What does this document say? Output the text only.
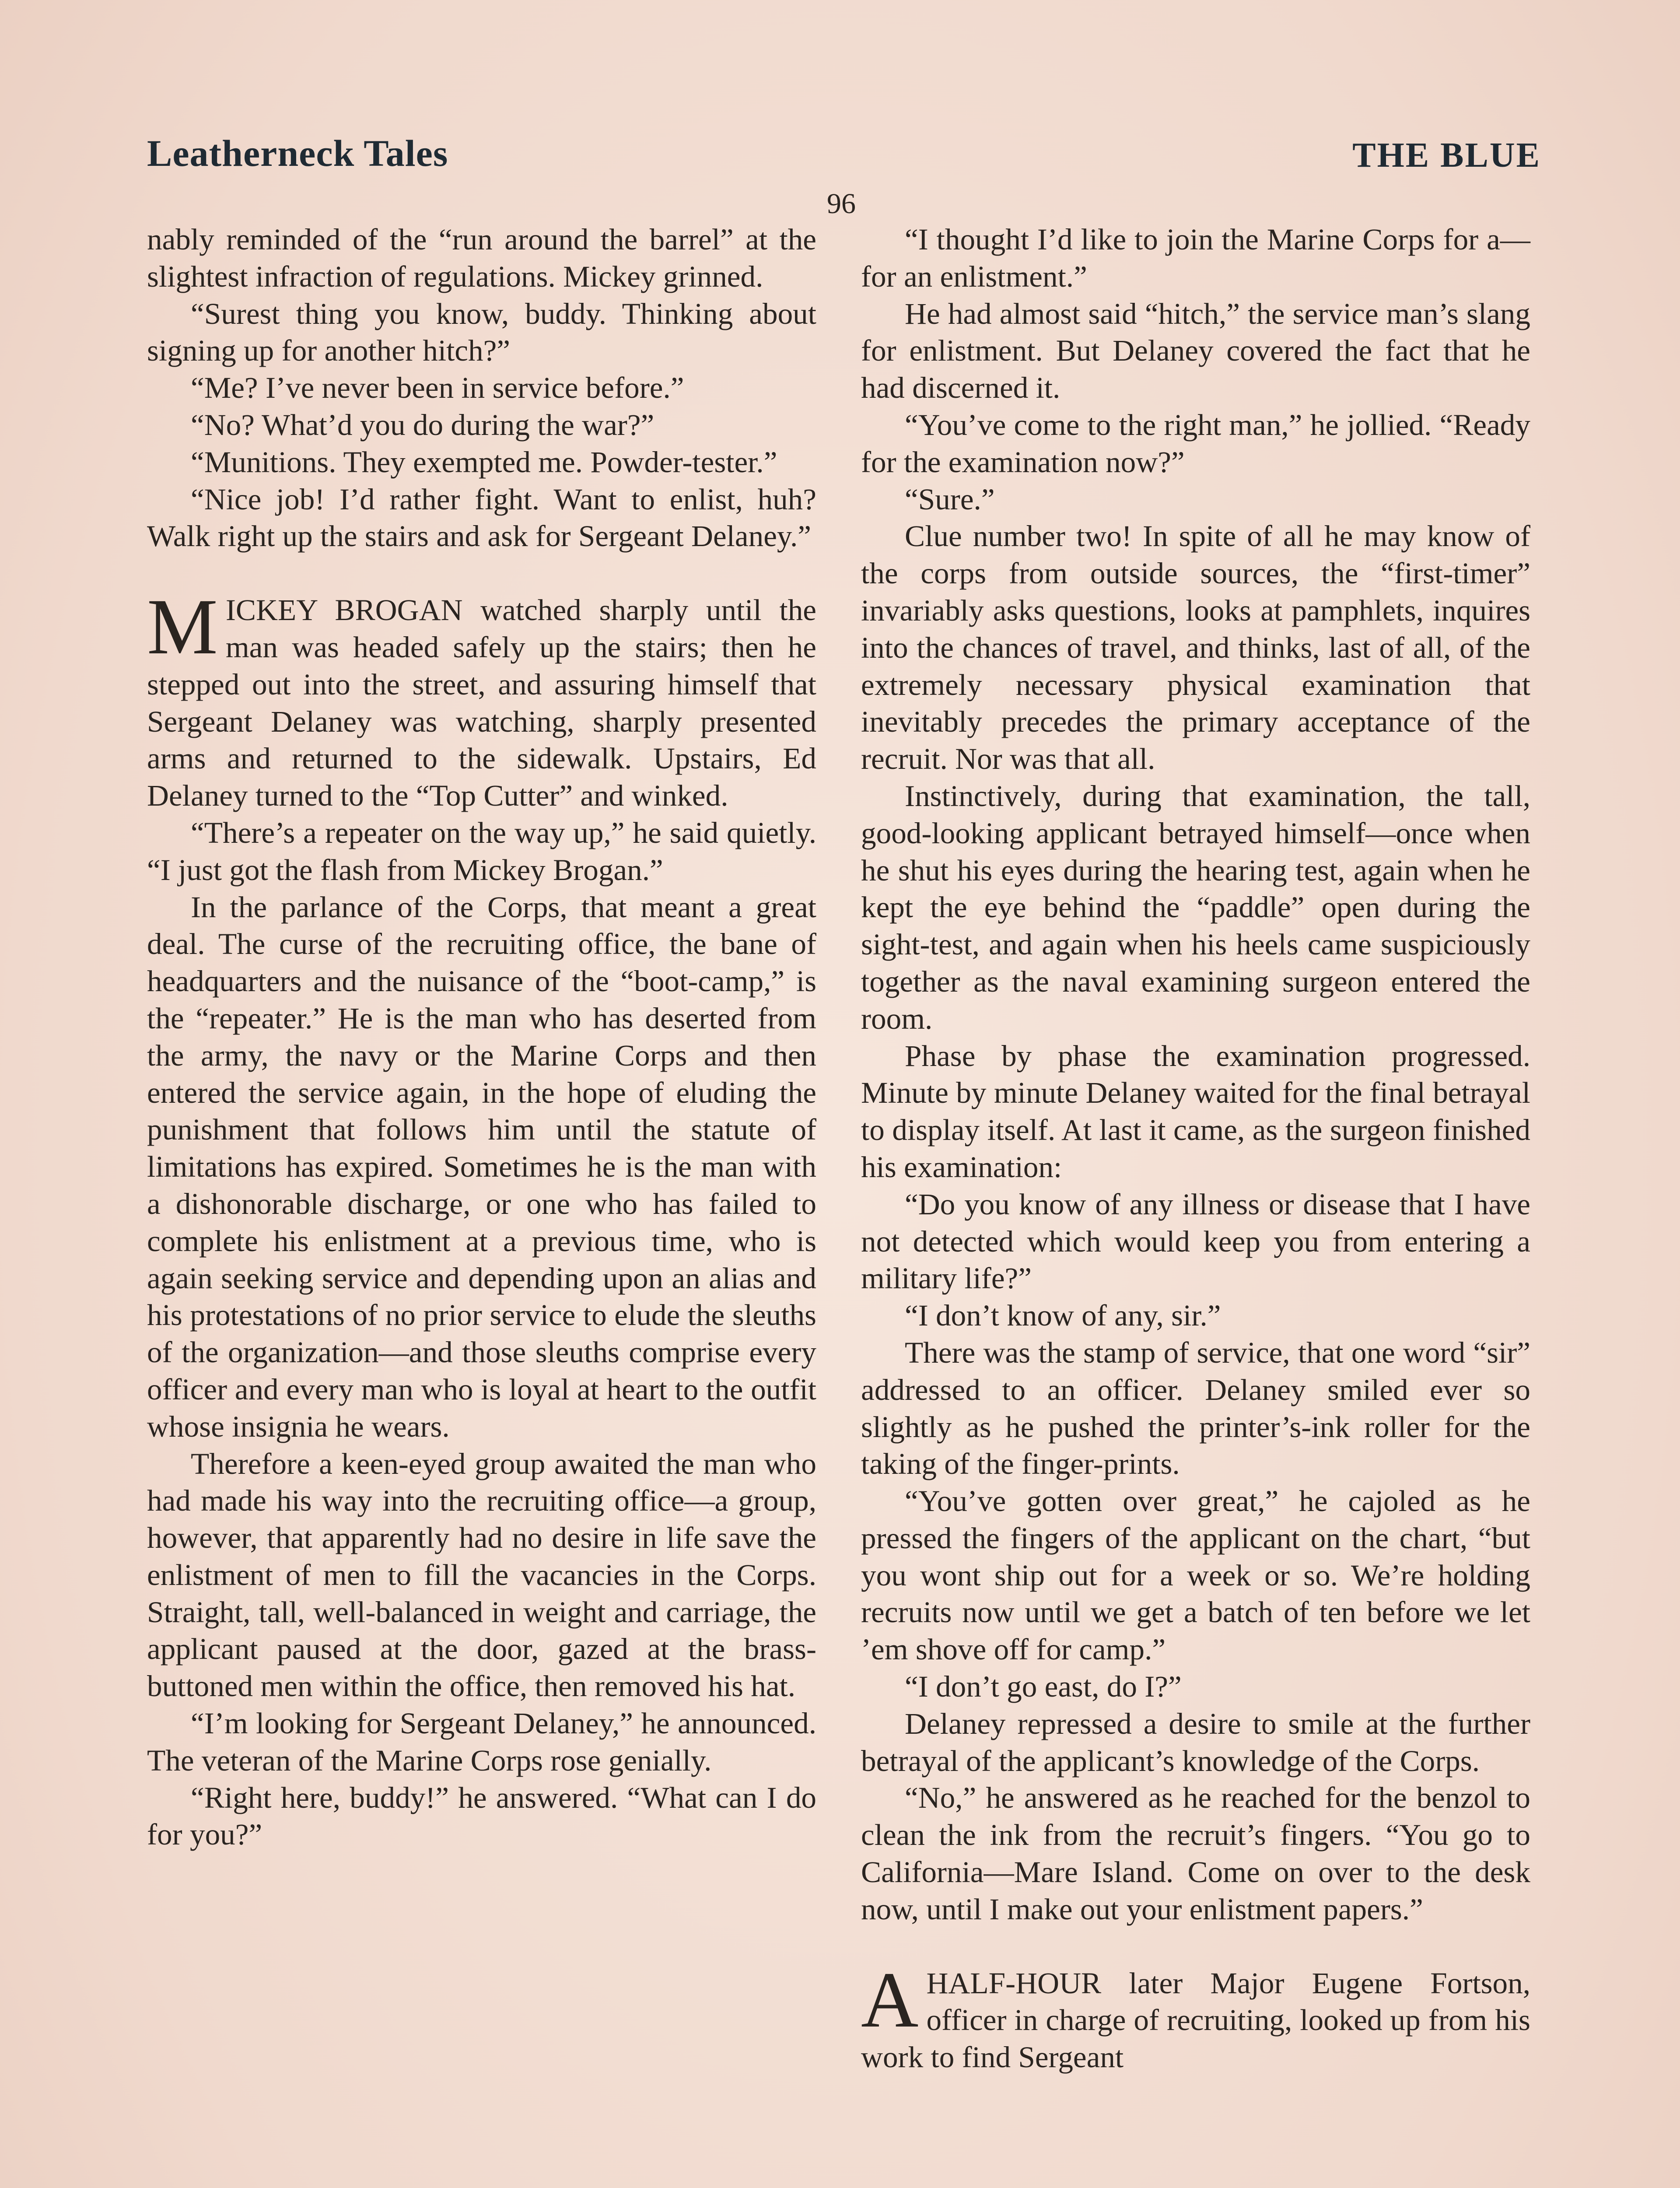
Leatherneck Tales	THE BLUE
96

nably reminded of the “run around the barrel” at the slightest infraction of regulations. Mickey grinned.

“Surest thing you know, buddy. Thinking about signing up for another hitch?”

“Me? I’ve never been in service before.”

“No? What’d you do during the war?”

“Munitions. They exempted me. Powder-tester.”

“Nice job! I’d rather fight. Want to enlist, huh? Walk right up the stairs and ask for Sergeant Delaney.”

MICKEY BROGAN watched sharply until the man was headed safely up the stairs; then he stepped out into the street, and assuring himself that Sergeant Delaney was watching, sharply presented arms and returned to the sidewalk. Upstairs, Ed Delaney turned to the “Top Cutter” and winked.

“There’s a repeater on the way up,” he said quietly. “I just got the flash from Mickey Brogan.”

In the parlance of the Corps, that meant a great deal. The curse of the recruiting office, the bane of headquarters and the nuisance of the “boot-camp,” is the “repeater.” He is the man who has deserted from the army, the navy or the Marine Corps and then entered the service again, in the hope of eluding the punishment that follows him until the statute of limitations has expired. Sometimes he is the man with a dishonorable discharge, or one who has failed to complete his enlistment at a previous time, who is again seeking service and depending upon an alias and his protestations of no prior service to elude the sleuths of the organization—and those sleuths comprise every officer and every man who is loyal at heart to the outfit whose insignia he wears.

Therefore a keen-eyed group awaited the man who had made his way into the recruiting office—a group, however, that apparently had no desire in life save the enlistment of men to fill the vacancies in the Corps. Straight, tall, well-balanced in weight and carriage, the applicant paused at the door, gazed at the brass-buttoned men within the office, then removed his hat.

“I’m looking for Sergeant Delaney,” he announced. The veteran of the Marine Corps rose genially.

“Right here, buddy!” he answered. “What can I do for you?”

“I thought I’d like to join the Marine Corps for a—for an enlistment.”

He had almost said “hitch,” the service man’s slang for enlistment. But Delaney covered the fact that he had discerned it.

“You’ve come to the right man,” he jollied. “Ready for the examination now?”

“Sure.”

Clue number two! In spite of all he may know of the corps from outside sources, the “first-timer” invariably asks questions, looks at pamphlets, inquires into the chances of travel, and thinks, last of all, of the extremely necessary physical examination that inevitably precedes the primary acceptance of the recruit. Nor was that all.

Instinctively, during that examination, the tall, good-looking applicant betrayed himself—once when he shut his eyes during the hearing test, again when he kept the eye behind the “paddle” open during the sight-test, and again when his heels came suspiciously together as the naval examining surgeon entered the room.

Phase by phase the examination progressed. Minute by minute Delaney waited for the final betrayal to display itself. At last it came, as the surgeon finished his examination:

“Do you know of any illness or disease that I have not detected which would keep you from entering a military life?”

“I don’t know of any, sir.”

There was the stamp of service, that one word “sir” addressed to an officer. Delaney smiled ever so slightly as he pushed the printer’s-ink roller for the taking of the finger-prints.

“You’ve gotten over great,” he cajoled as he pressed the fingers of the applicant on the chart, “but you wont ship out for a week or so. We’re holding recruits now until we get a batch of ten before we let ’em shove off for camp.”

“I don’t go east, do I?”

Delaney repressed a desire to smile at the further betrayal of the applicant’s knowledge of the Corps.

“No,” he answered as he reached for the benzol to clean the ink from the recruit’s fingers. “You go to California—Mare Island. Come on over to the desk now, until I make out your enlistment papers.”

AHALF-HOUR later Major Eugene Fortson, officer in charge of recruiting, looked up from his work to find Sergeant
